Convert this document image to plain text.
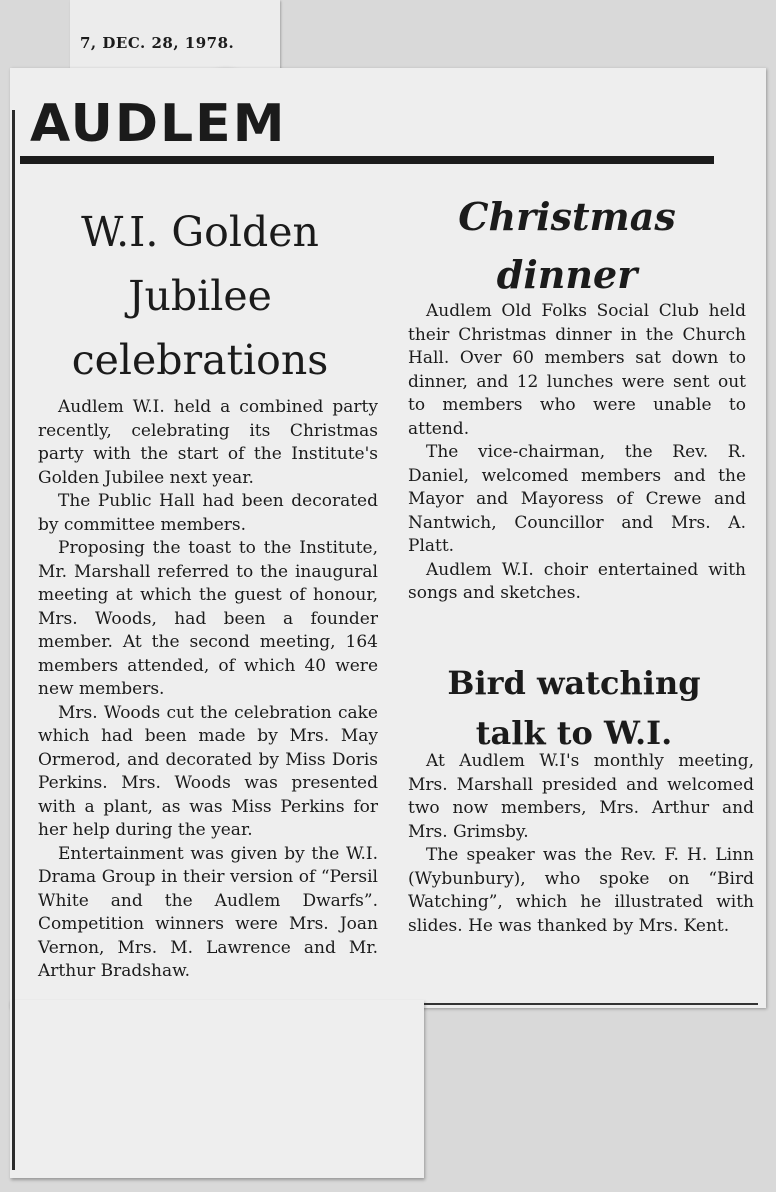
7, DEC. 28, 1978.
AUDLEM
W.I. Golden
Jubilee
celebrations

Audlem W.I. held a combined party recently, celebrating its Christmas party with the start of the Institute's Golden Jubilee next year.

The Public Hall had been decorated by committee members.

Proposing the toast to the Institute, Mr. Marshall referred to the inaugural meeting at which the guest of honour, Mrs. Woods, had been a founder member. At the second meeting, 164 members attended, of which 40 were new members.

Mrs. Woods cut the celebration cake which had been made by Mrs. May Ormerod, and decorated by Miss Doris Perkins. Mrs. Woods was presented with a plant, as was Miss Perkins for her help during the year.

Entertainment was given by the W.I. Drama Group in their version of “Persil White and the Audlem Dwarfs”. Competition winners were Mrs. Joan Vernon, Mrs. M. Lawrence and Mr. Arthur Bradshaw.

Christmas
dinner

Audlem Old Folks Social Club held their Christmas dinner in the Church Hall. Over 60 members sat down to dinner, and 12 lunches were sent out to members who were unable to attend.

The vice-chairman, the Rev. R. Daniel, welcomed members and the Mayor and Mayoress of Crewe and Nantwich, Councillor and Mrs. A. Platt.

Audlem W.I. choir entertained with songs and sketches.

Bird watching
talk to W.I.

At Audlem W.I's monthly meeting, Mrs. Marshall presided and welcomed two now members, Mrs. Arthur and Mrs. Grimsby.

The speaker was the Rev. F. H. Linn (Wybunbury), who spoke on “Bird Watching”, which he illustrated with slides. He was thanked by Mrs. Kent.
